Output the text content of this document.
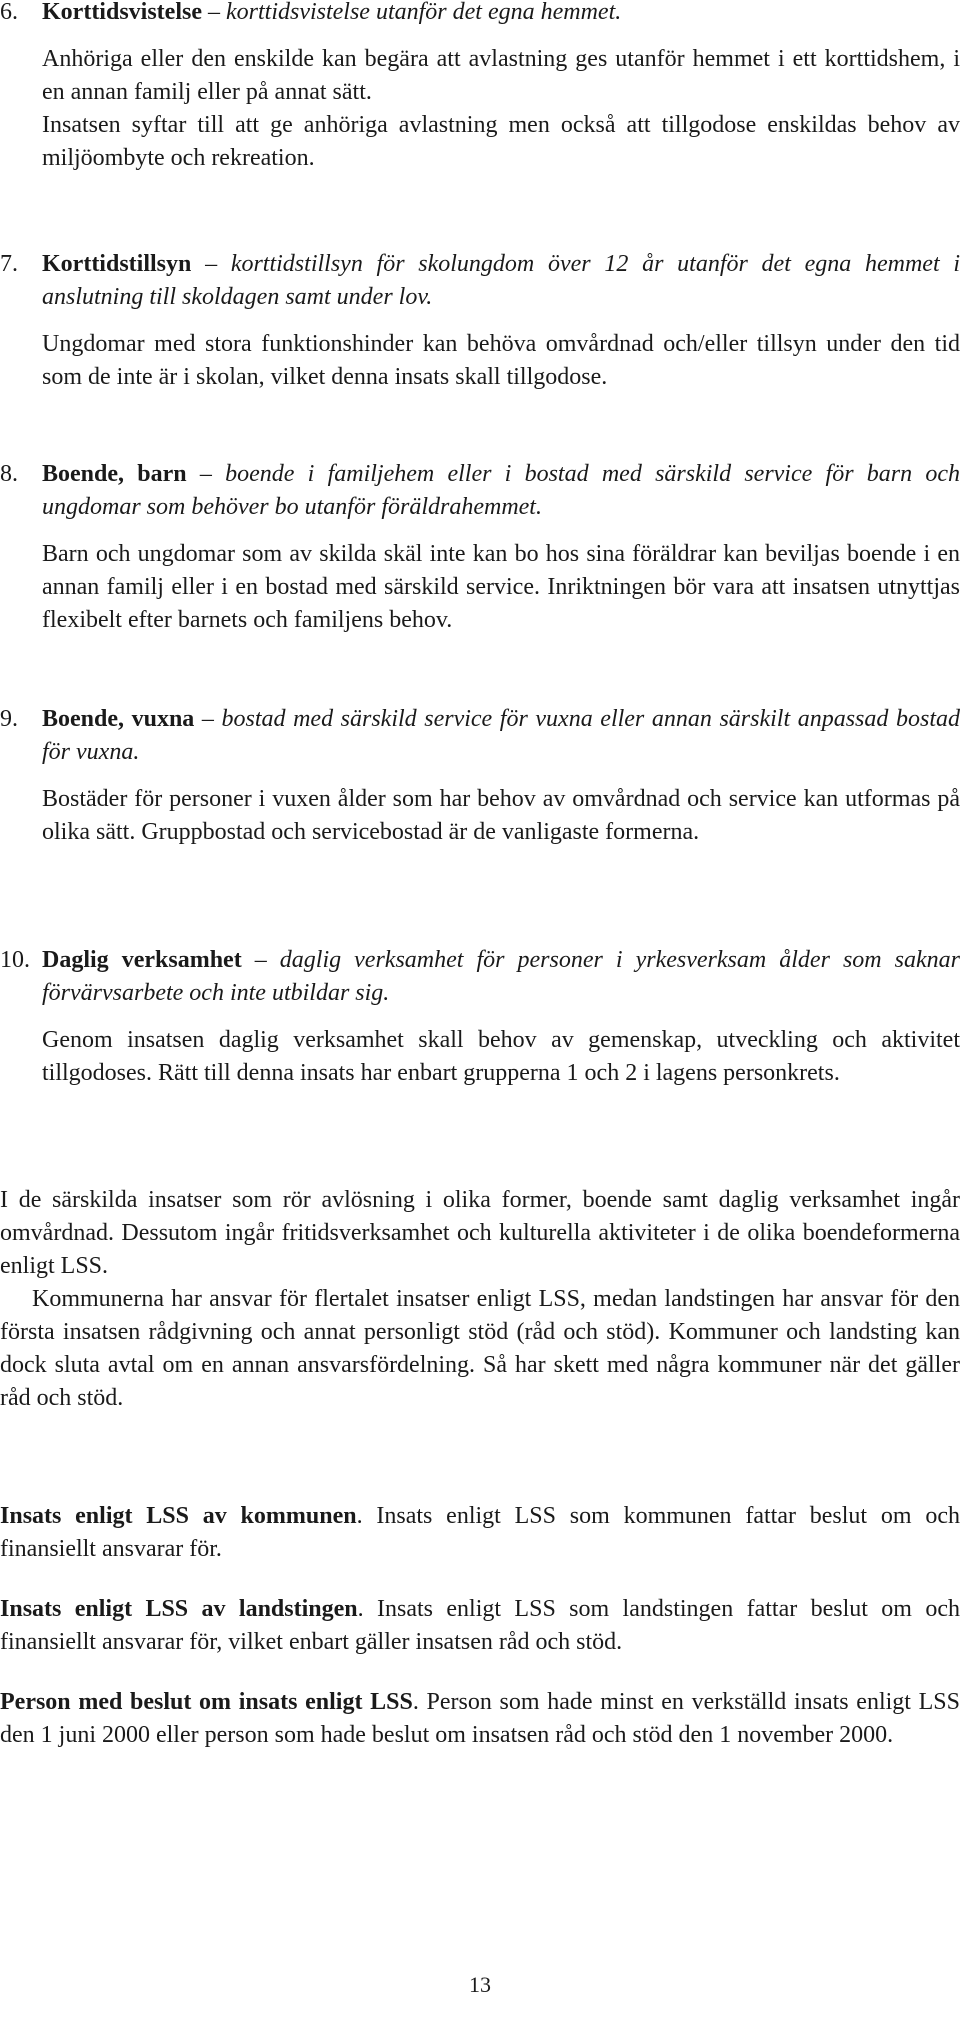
6. Korttidsvistelse – korttidsvistelse utanför det egna hemmet.

Anhöriga eller den enskilde kan begära att avlastning ges utanför hemmet i ett korttidshem, i en annan familj eller på annat sätt.

Insatsen syftar till att ge anhöriga avlastning men också att tillgodose enskildas behov av miljöombyte och rekreation.

7. Korttidstillsyn – korttidstillsyn för skolungdom över 12 år utanför det egna hemmet i anslutning till skoldagen samt under lov.

Ungdomar med stora funktionshinder kan behöva omvårdnad och/eller tillsyn under den tid som de inte är i skolan, vilket denna insats skall tillgodose.

8. Boende, barn – boende i familjehem eller i bostad med särskild service för barn och ungdomar som behöver bo utanför föräldrahemmet.

Barn och ungdomar som av skilda skäl inte kan bo hos sina föräldrar kan beviljas boende i en annan familj eller i en bostad med särskild service. Inriktningen bör vara att insatsen utnyttjas flexibelt efter barnets och familjens behov.

9. Boende, vuxna – bostad med särskild service för vuxna eller annan särskilt anpassad bostad för vuxna.

Bostäder för personer i vuxen ålder som har behov av omvårdnad och service kan utformas på olika sätt. Gruppbostad och servicebostad är de vanligaste formerna.

10. Daglig verksamhet – daglig verksamhet för personer i yrkesverksam ålder som saknar förvärvsarbete och inte utbildar sig.

Genom insatsen daglig verksamhet skall behov av gemenskap, utveckling och aktivitet tillgodoses. Rätt till denna insats har enbart grupperna 1 och 2 i lagens personkrets.

I de särskilda insatser som rör avlösning i olika former, boende samt daglig verksamhet ingår omvårdnad. Dessutom ingår fritidsverksamhet och kulturella aktiviteter i de olika boendeformerna enligt LSS.

Kommunerna har ansvar för flertalet insatser enligt LSS, medan landstingen har ansvar för den första insatsen rådgivning och annat personligt stöd (råd och stöd). Kommuner och landsting kan dock sluta avtal om en annan ansvarsfördelning. Så har skett med några kommuner när det gäller råd och stöd.

Insats enligt LSS av kommunen. Insats enligt LSS som kommunen fattar beslut om och finansiellt ansvarar för.

Insats enligt LSS av landstingen. Insats enligt LSS som landstingen fattar beslut om och finansiellt ansvarar för, vilket enbart gäller insatsen råd och stöd.

Person med beslut om insats enligt LSS. Person som hade minst en verkställd insats enligt LSS den 1 juni 2000 eller person som hade beslut om insatsen råd och stöd den 1 november 2000.

13
